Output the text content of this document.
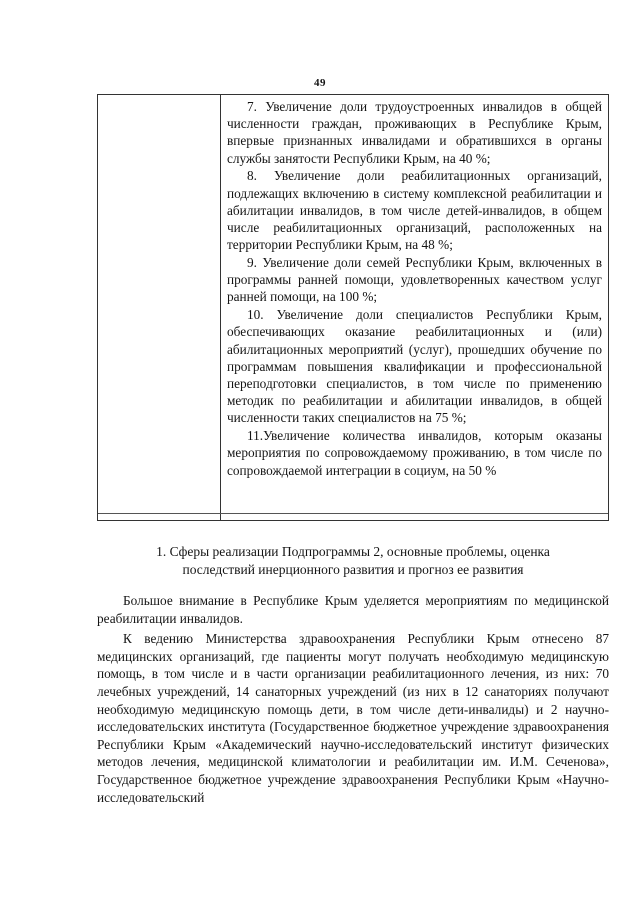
49

7. Увеличение доли трудоустроенных инвалидов в общей численности граждан, проживающих в Республике Крым, впервые признанных инвалидами и обратившихся в органы службы занятости Республики Крым, на 40 %;

8. Увеличение доли реабилитационных организаций, подлежащих включению в систему комплексной реабилитации и абилитации инвалидов, в том числе детей-инвалидов, в общем числе реабилитационных организаций, расположенных на территории Республики Крым, на 48 %;

9. Увеличение доли семей Республики Крым, включенных в программы ранней помощи, удовлетворенных качеством услуг ранней помощи, на 100 %;

10. Увеличение доли специалистов Республики Крым, обеспечивающих оказание реабилитационных и (или) абилитационных мероприятий (услуг), прошедших обучение по программам повышения квалификации и профессиональной переподготовки специалистов, в том числе по применению методик по реабилитации и абилитации инвалидов, в общей численности таких специалистов на 75 %;

11.Увеличение количества инвалидов, которым оказаны мероприятия по сопровождаемому проживанию, в том числе по сопровождаемой интеграции в социум, на 50 %

1. Сферы реализации Подпрограммы 2, основные проблемы, оценка
последствий инерционного развития и прогноз ее развития

Большое внимание в Республике Крым уделяется мероприятиям по медицинской реабилитации инвалидов.

К ведению Министерства здравоохранения Республики Крым отнесено 87 медицинских организаций, где пациенты могут получать необходимую медицинскую помощь, в том числе и в части организации реабилитационного лечения, из них: 70 лечебных учреждений, 14 санаторных учреждений (из них в 12 санаториях получают необходимую медицинскую помощь дети, в том числе дети-инвалиды) и 2 научно-исследовательских института (Государственное бюджетное учреждение здравоохранения Республики Крым «Академический научно-исследовательский институт физических методов лечения, медицинской климатологии и реабилитации им. И.М. Сеченова», Государственное бюджетное учреждение здравоохранения Республики Крым «Научно-исследовательский
